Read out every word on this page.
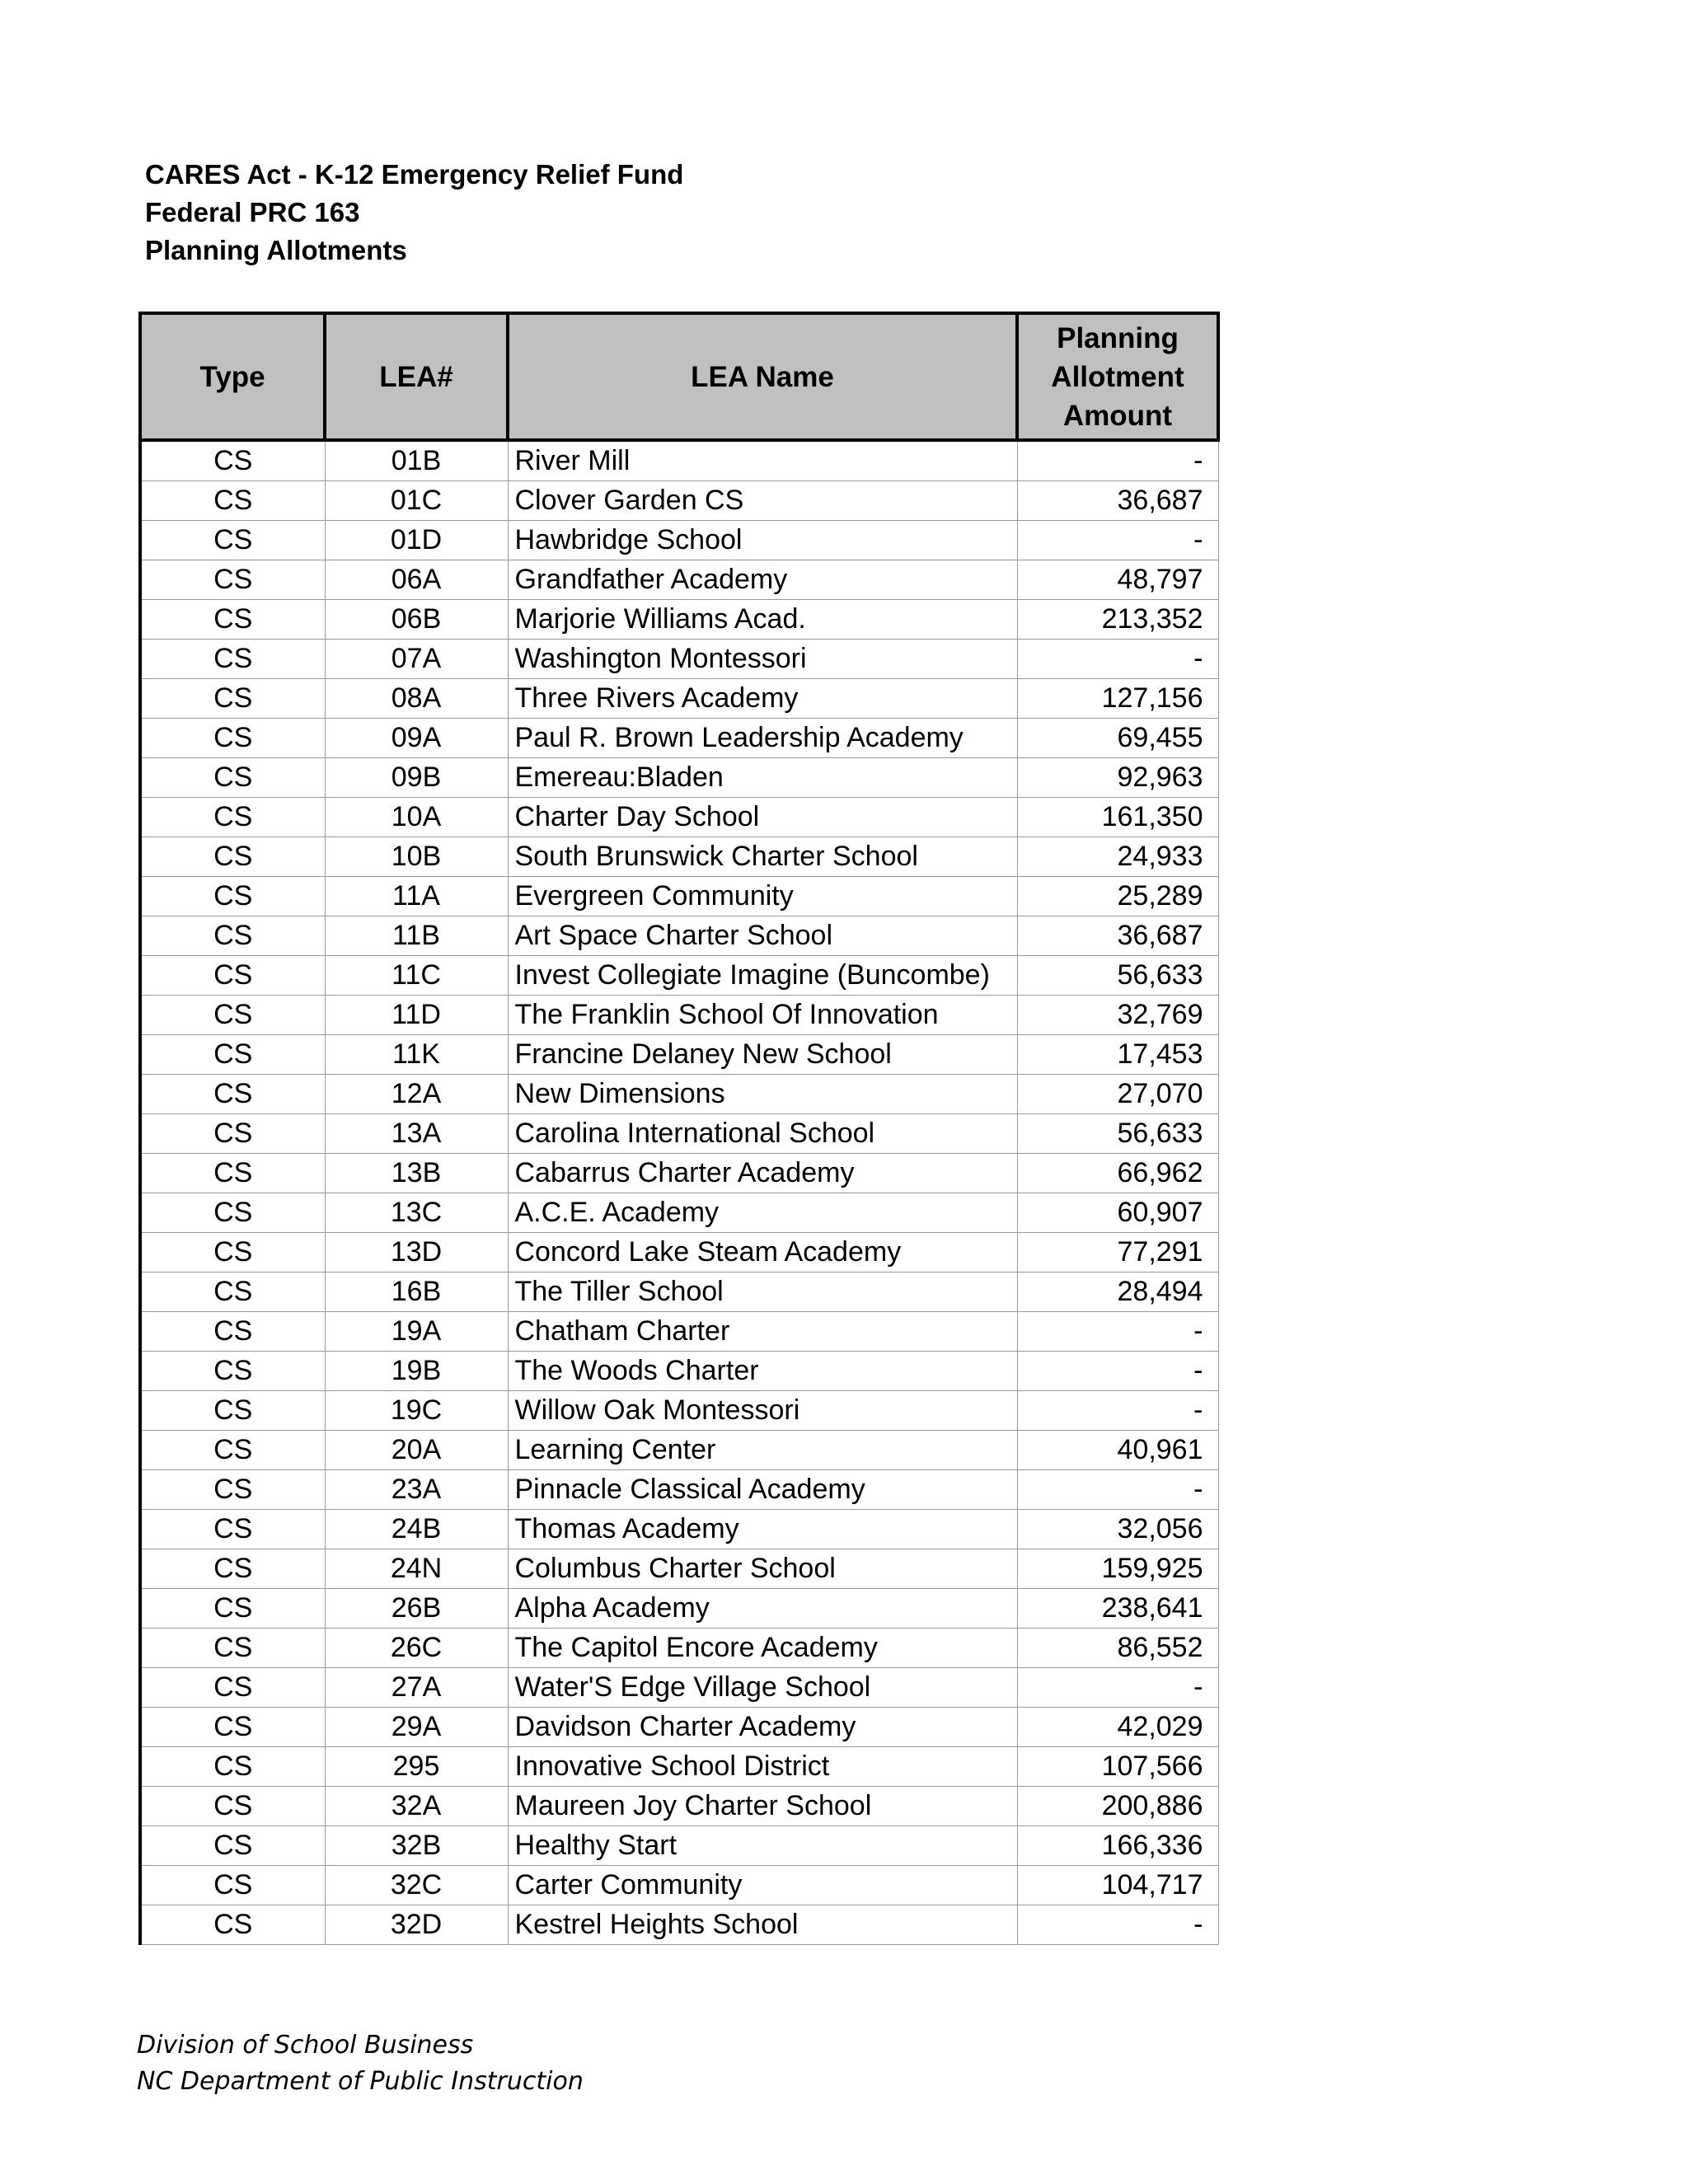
CARES Act - K-12 Emergency Relief Fund
Federal PRC 163
Planning Allotments
Type	LEA#	LEA Name	Planning Allotment Amount
CS	01B	River Mill	-
CS	01C	Clover Garden CS	36,687
CS	01D	Hawbridge School	-
CS	06A	Grandfather Academy	48,797
CS	06B	Marjorie Williams Acad.	213,352
CS	07A	Washington Montessori	-
CS	08A	Three Rivers Academy	127,156
CS	09A	Paul R. Brown Leadership Academy	69,455
CS	09B	Emereau:Bladen	92,963
CS	10A	Charter Day School	161,350
CS	10B	South Brunswick Charter School	24,933
CS	11A	Evergreen Community	25,289
CS	11B	Art Space Charter School	36,687
CS	11C	Invest Collegiate Imagine (Buncombe)	56,633
CS	11D	The Franklin School Of Innovation	32,769
CS	11K	Francine Delaney New School	17,453
CS	12A	New Dimensions	27,070
CS	13A	Carolina International School	56,633
CS	13B	Cabarrus Charter Academy	66,962
CS	13C	A.C.E. Academy	60,907
CS	13D	Concord Lake Steam Academy	77,291
CS	16B	The Tiller School	28,494
CS	19A	Chatham Charter	-
CS	19B	The Woods Charter	-
CS	19C	Willow Oak Montessori	-
CS	20A	Learning Center	40,961
CS	23A	Pinnacle Classical Academy	-
CS	24B	Thomas Academy	32,056
CS	24N	Columbus Charter School	159,925
CS	26B	Alpha Academy	238,641
CS	26C	The Capitol Encore Academy	86,552
CS	27A	Water'S Edge Village School	-
CS	29A	Davidson Charter Academy	42,029
CS	295	Innovative School District	107,566
CS	32A	Maureen Joy Charter School	200,886
CS	32B	Healthy Start	166,336
CS	32C	Carter Community	104,717
CS	32D	Kestrel Heights School	-
Division of School Business
NC Department of Public Instruction
